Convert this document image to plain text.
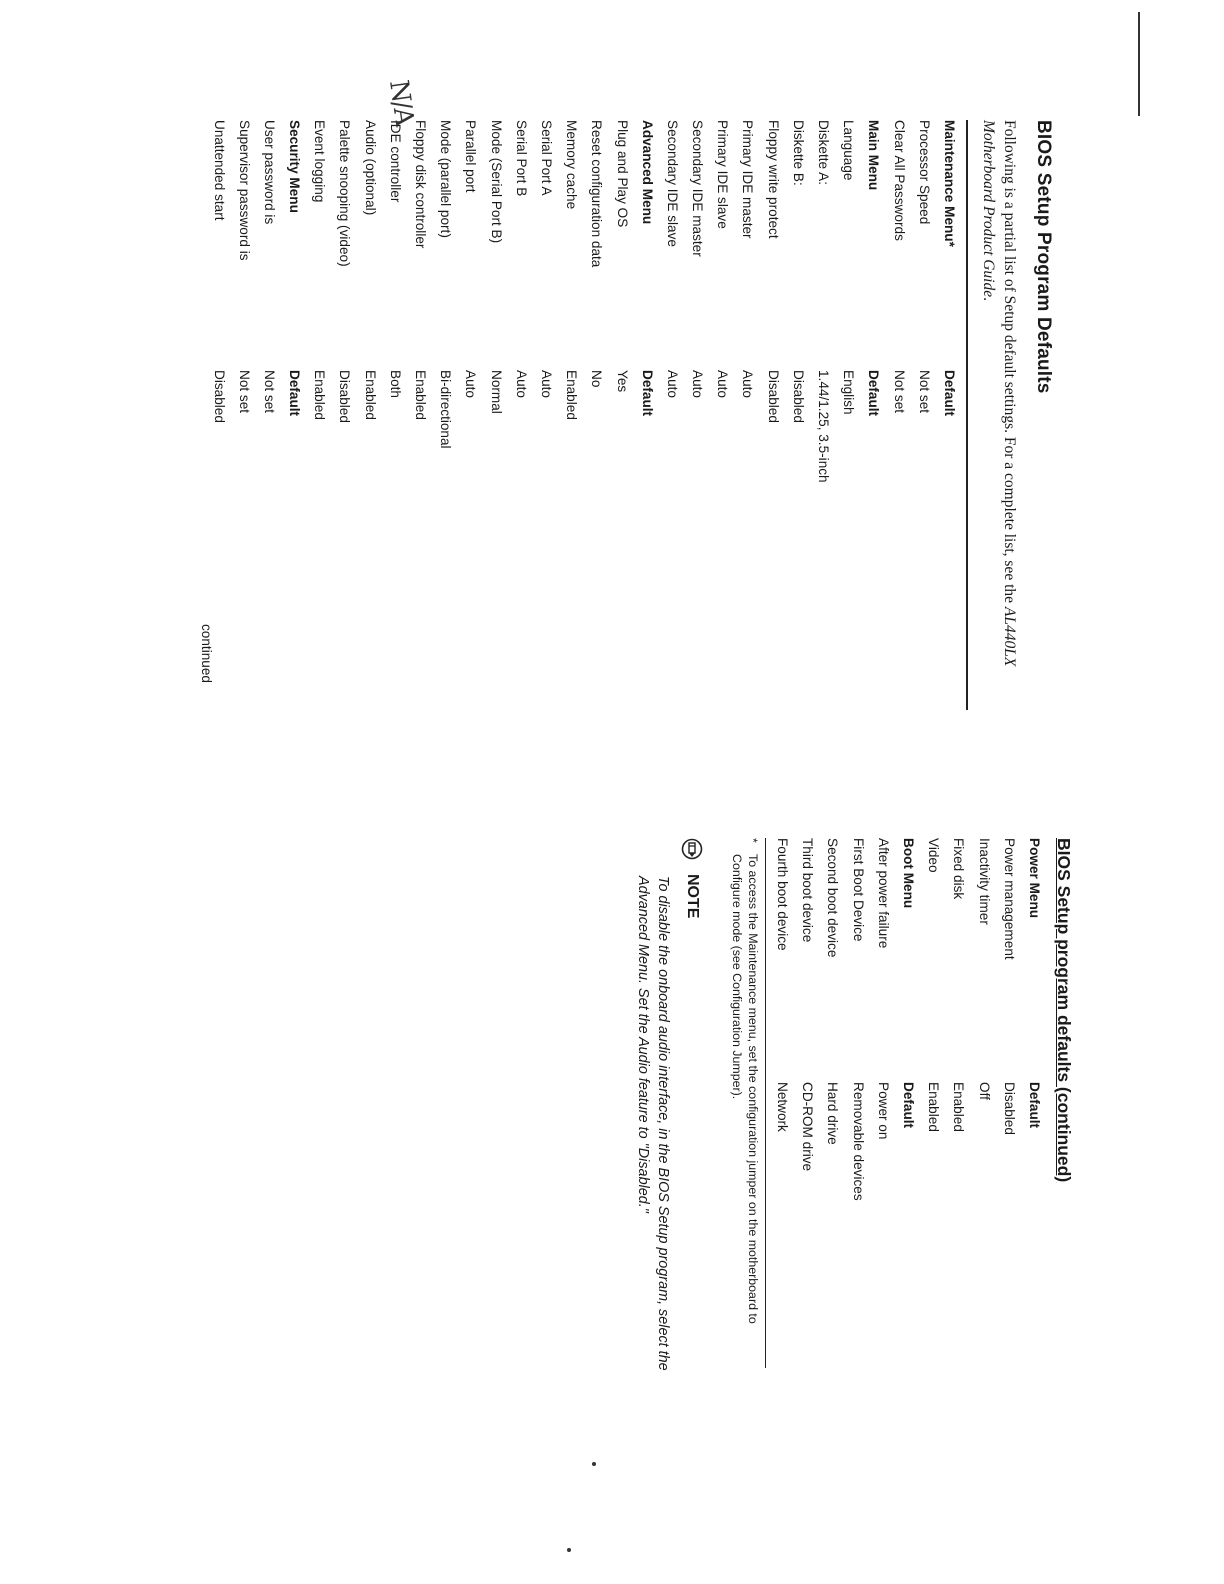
BIOS Setup Program Defaults

Following is a partial list of Setup default settings. For a complete list, see the AL440LX Motherboard Product Guide.

Maintenance Menu*
Default
Processor Speed
Not set
Clear All Passwords
Not set
Main Menu
Default
Language
English
Diskette A:
1.44/1.25, 3.5-inch
Diskette B:
Disabled
Floppy write protect
Disabled
Primary IDE master
Auto
Primary IDE slave
Auto
Secondary IDE master
Auto
Secondary IDE slave
Auto
Advanced Menu
Default
Plug and Play OS
Yes
Reset configuration data
No
Memory cache
Enabled
Serial Port A
Auto
Serial Port B
Auto
Mode (Serial Port B)
Normal
Parallel port
Auto
Mode (parallel port)
Bi-directional
Floppy disk controller
Enabled
IDE controller
Both
Audio (optional)
Enabled
Palette snooping (video)
Disabled
Event logging
Enabled
Security Menu
Default
User password is
Not set
Supervisor password is
Not set
Unattended start
Disabled
N/A
continued
BIOS Setup program defaults (continued)
Power Menu
Default
Power management
Disabled
Inactivity timer
Off
Fixed disk
Enabled
Video
Enabled
Boot Menu
Default
After power failure
Power on
First Boot Device
Removable devices
Second boot device
Hard drive
Third boot device
CD-ROM drive
Fourth boot device
Network
*
To access the Maintenance menu, set the configuration jumper on the motherboard to Configure mode (see Configuration Jumper).
NOTE
To disable the onboard audio interface, in the BIOS Setup program, select the Advanced Menu. Set the Audio feature to "Disabled."
